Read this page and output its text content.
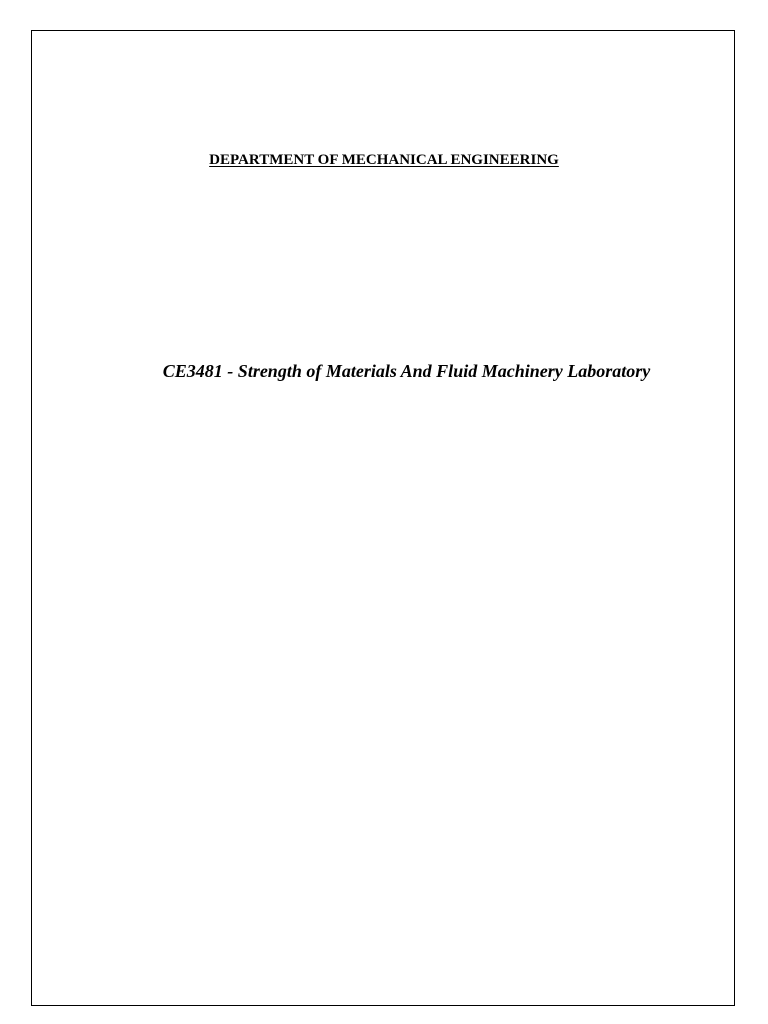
DEPARTMENT OF MECHANICAL ENGINEERING
CE3481 - Strength of Materials And Fluid Machinery Laboratory
